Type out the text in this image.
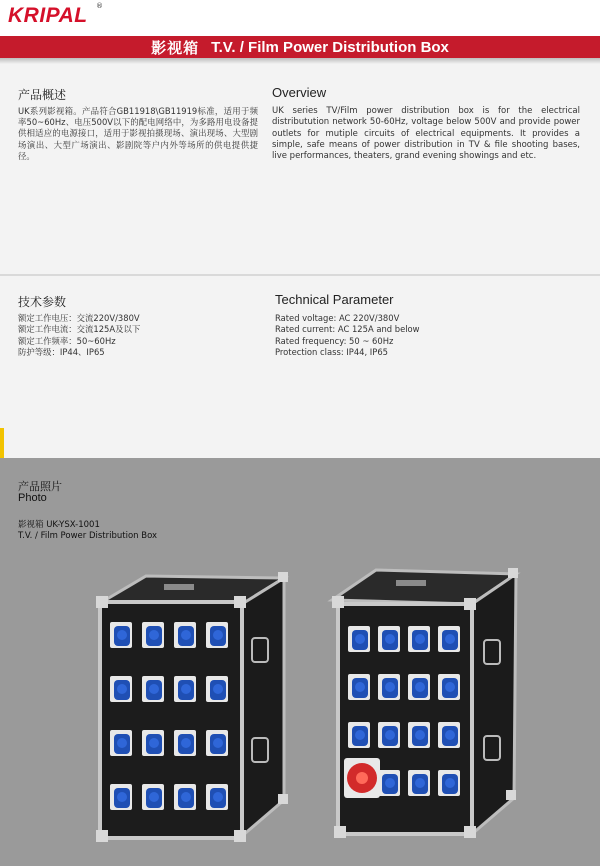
KRIPAL ®
影视箱 T.V. / Film Power Distribution Box
产品概述	Overview
UK系列影视箱。产品符合GB11918\GB11919标准，适用于频率50~60Hz、电压500V以下的配电网络中，为多路用电设备提供相适应的电源接口，适用于影视拍摄现场、演出现场、大型剧场演出、大型广场演出、影剧院等户内外等场所的供电提供捷径。
UK series TV/Film power distribution box is for the electrical distributution network 50-60Hz, voltage below 500V and provide power outlets for mutiple circuits of electrical equipments. It provides a simple, safe means of power distribution in TV & file shooting bases, live performances, theaters, grand evening showings and etc.
技术参数	Technical Parameter
额定工作电压：交流220V/380V
额定工作电流：交流125A及以下
额定工作频率：50~60Hz
防护等级：IP44、IP65
Rated voltage: AC 220V/380V
Rated current: AC 125A and below
Rated frequency: 50 ~ 60Hz
Protection class: IP44, IP65
产品照片
Photo
影视箱 UK-YSX-1001
T.V. / Film Power Distribution Box
